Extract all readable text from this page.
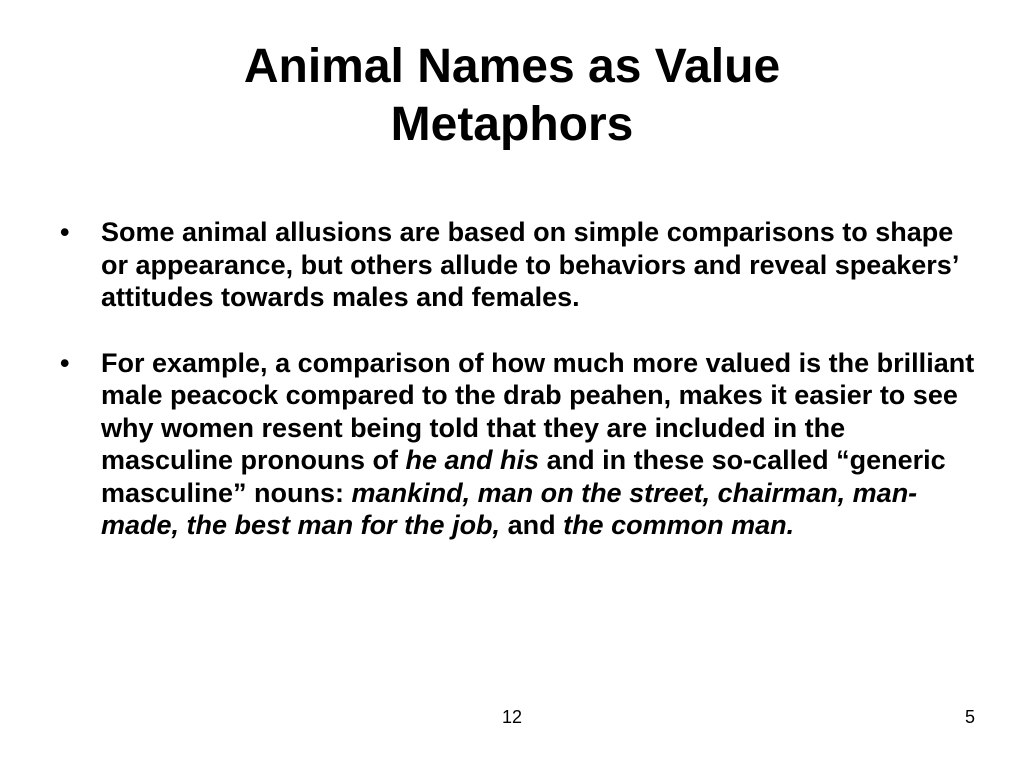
Animal Names as Value
Metaphors
• Some animal allusions are based on simple comparisons to shape or appearance, but others allude to behaviors and reveal speakers’ attitudes towards males and females.
• For example, a comparison of how much more valued is the brilliant male peacock compared to the drab peahen, makes it easier to see why women resent being told that they are included in the masculine pronouns of he and his and in these so-called “generic masculine” nouns: mankind, man on the street, chairman, man-made, the best man for the job, and the common man.
12	5
